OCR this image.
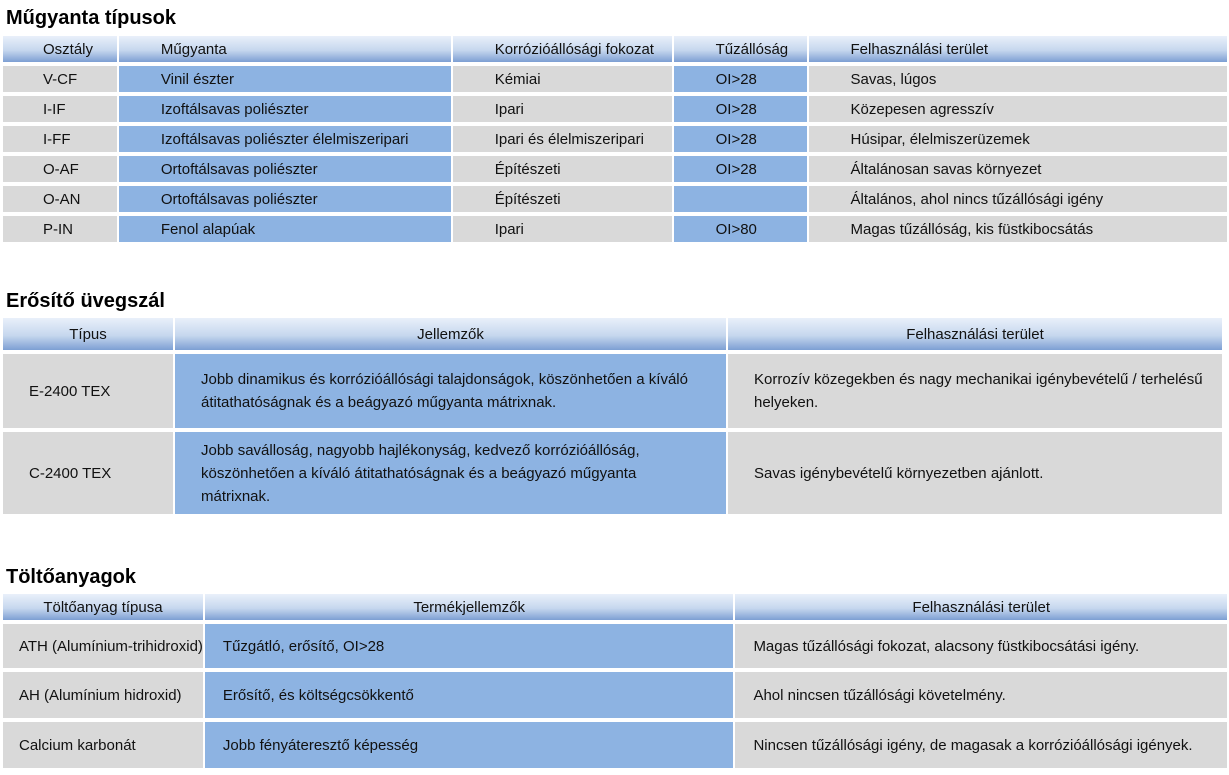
Műgyanta típusok
Osztály	Műgyanta	Korrózióállósági fokozat	Tűzállóság	Felhasználási terület
V-CF	Vinil észter	Kémiai	OI>28	Savas, lúgos
I-IF	Izoftálsavas poliészter	Ipari	OI>28	Közepesen agresszív
I-FF	Izoftálsavas poliészter élelmiszeripari	Ipari és élelmiszeripari	OI>28	Húsipar, élelmiszerüzemek
O-AF	Ortoftálsavas poliészter	Építészeti	OI>28	Általánosan savas környezet
O-AN	Ortoftálsavas poliészter	Építészeti		Általános, ahol nincs tűzállósági igény
P-IN	Fenol alapúak	Ipari	OI>80	Magas tűzállóság, kis füstkibocsátás
Erősítő üvegszál
Típus	Jellemzők	Felhasználási terület
E-2400 TEX	Jobb dinamikus és korrózióállósági talajdonságok, köszönhetően a kíváló átitathatóságnak és a beágyazó műgyanta mátrixnak.	Korrozív közegekben és nagy mechanikai igénybevételű / terhelésű helyeken.
C-2400 TEX	Jobb saválloság, nagyobb hajlékonyság, kedvező korrózióállóság, köszönhetően a kíváló átitathatóságnak és a beágyazó műgyanta mátrixnak.	Savas igénybevételű környezetben ajánlott.
Töltőanyagok
Töltőanyag típusa	Termékjellemzők	Felhasználási terület
ATH (Alumínium-trihidroxid)	Tűzgátló, erősítő, OI>28	Magas tűzállósági fokozat, alacsony füstkibocsátási igény.
AH (Alumínium hidroxid)	Erősítő, és költségcsökkentő	Ahol nincsen tűzállósági követelmény.
Calcium karbonát	Jobb fényáteresztő képesség	Nincsen tűzállósági igény, de magasak a korrózióállósági igények.
